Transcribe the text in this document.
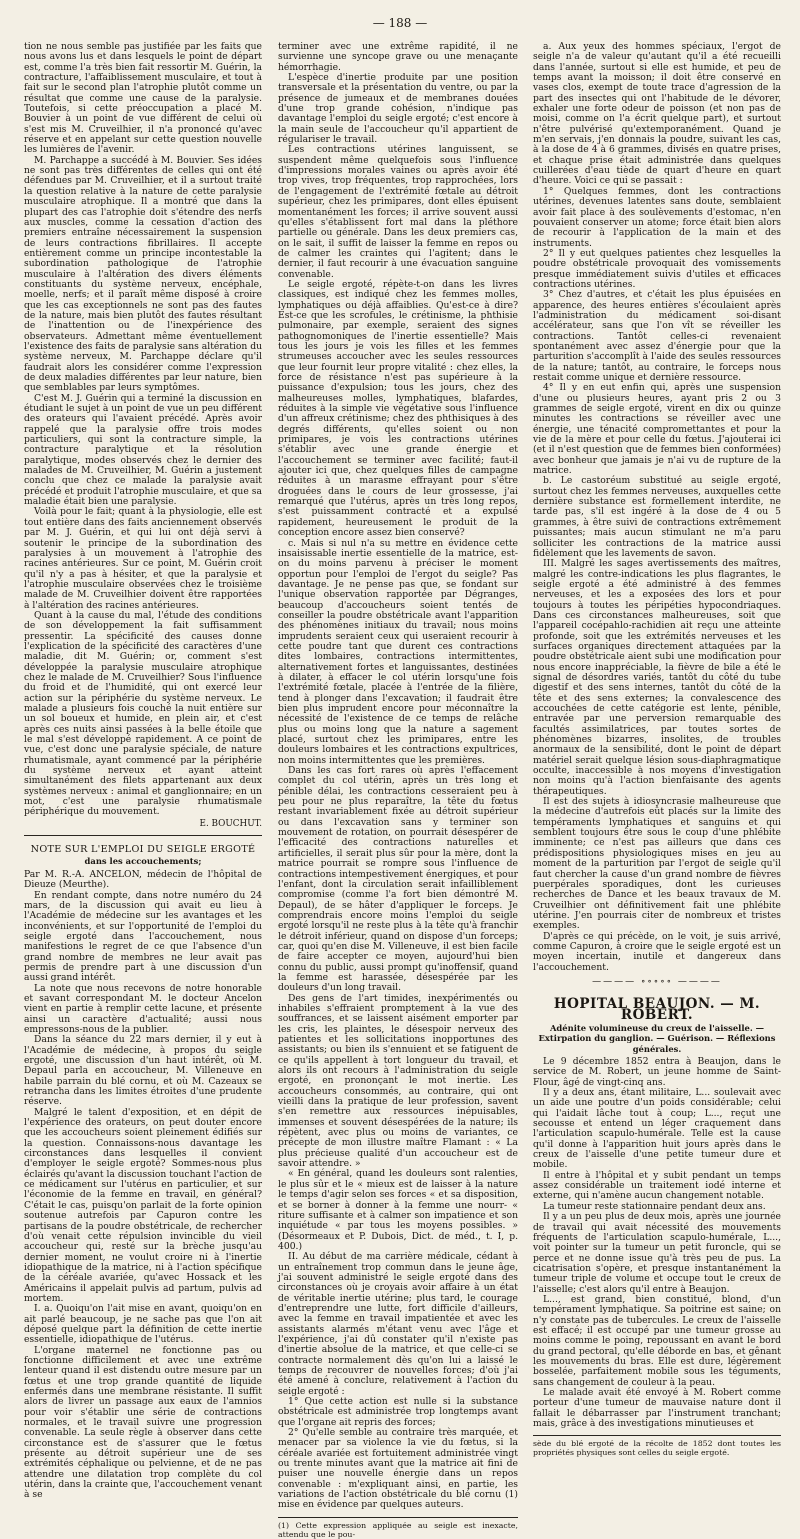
— 188 —

tion ne nous semble pas justifiée par les faits que nous avons lus et dans lesquels le point de départ est, comme l'a très bien fait ressortir M. Guérin, la contracture, l'affaiblissement musculaire, et tout à fait sur le second plan l'atrophie plutôt comme un résultat que comme une cause de la paralysie. Toutefois, si cette préoccupation a placé M. Bouvier à un point de vue différent de celui où s'est mis M. Cruveilhier, il n'a prononcé qu'avec réserve et en appelant sur cette question nouvelle les lumières de l'avenir.

M. Parchappe a succédé à M. Bouvier. Ses idées ne sont pas très différentes de celles qui ont été défendues par M. Cruveilhier, et il a surtout traité la question relative à la nature de cette paralysie musculaire atrophique. Il a montré que dans la plupart des cas l'atrophie doit s'étendre des nerfs aux muscles, comme la cessation d'action des premiers entraîne nécessairement la suspension de leurs contractions fibrillaires. Il accepte entièrement comme un principe incontestable la subordination pathologique de l'atrophie musculaire à l'altération des divers éléments constituants du système nerveux, encéphale, moelle, nerfs; et il paraît même disposé à croire que les cas exceptionnels ne sont pas des fautes de la nature, mais bien plutôt des fautes résultant de l'inattention ou de l'inexpérience des observateurs. Admettant même éventuellement l'existence des faits de paralysie sans altération du système nerveux, M. Parchappe déclare qu'il faudrait alors les considérer comme l'expression de deux maladies différentes par leur nature, bien que semblables par leurs symptômes.

C'est M. J. Guérin qui a terminé la discussion en étudiant le sujet à un point de vue un peu différent des orateurs qui l'avaient précédé. Après avoir rappelé que la paralysie offre trois modes particuliers, qui sont la contracture simple, la contracture paralytique et la résolution paralytique, modes observés chez le dernier des malades de M. Cruveilhier, M. Guérin a justement conclu que chez ce malade la paralysie avait précédé et produit l'atrophie musculaire, et que sa maladie était bien une paralysie.

Voilà pour le fait; quant à la physiologie, elle est tout entière dans des faits anciennement observés par M. J. Guérin, et qui lui ont déjà servi à soutenir le principe de la subordination des paralysies à un mouvement à l'atrophie des racines antérieures. Sur ce point, M. Guérin croit qu'il n'y a pas à hésiter, et que la paralysie et l'atrophie musculaire observées chez le troisième malade de M. Cruveilhier doivent être rapportées à l'altération des racines antérieures.

Quant à la cause du mal, l'étude des conditions de son développement la fait suffisamment pressentir. La spécificité des causes donne l'explication de la spécificité des caractères d'une maladie, dit M. Guérin; or, comment s'est développée la paralysie musculaire atrophique chez le malade de M. Cruveilhier? Sous l'influence du froid et de l'humidité, qui ont exercé leur action sur la périphérie du système nerveux. Le malade a plusieurs fois couché la nuit entière sur un sol boueux et humide, en plein air, et c'est après ces nuits ainsi passées à la belle étoile que le mal s'est développé rapidement. A ce point de vue, c'est donc une paralysie spéciale, de nature rhumatismale, ayant commencé par la périphérie du système nerveux et ayant atteint simultanément des filets appartenant aux deux systèmes nerveux : animal et ganglionnaire; en un mot, c'est une paralysie rhumatismale périphérique du mouvement.

E. BOUCHUT.
NOTE SUR L'EMPLOI DU SEIGLE ERGOTÉ
dans les accouchements;

Par M. R.-A. ANCELON, médecin de l'hôpital de Dieuze (Meurthe).

En rendant compte, dans notre numéro du 24 mars, de la discussion qui avait eu lieu à l'Académie de médecine sur les avantages et les inconvénients, et sur l'opportunité de l'emploi du seigle ergoté dans l'accouchement, nous manifestions le regret de ce que l'absence d'un grand nombre de membres ne leur avait pas permis de prendre part à une discussion d'un aussi grand intérêt.

La note que nous recevons de notre honorable et savant correspondant M. le docteur Ancelon vient en partie à remplir cette lacune, et présente ainsi un caractère d'actualité; aussi nous empressons-nous de la publier.

Dans la séance du 22 mars dernier, il y eut à l'Académie de médecine, à propos du seigle ergoté, une discussion d'un haut intérêt, où M. Depaul parla en accoucheur, M. Villeneuve en habile parrain du blé cornu, et où M. Cazeaux se retrancha dans les limites étroites d'une prudente réserve.

Malgré le talent d'exposition, et en dépit de l'expérience des orateurs, on peut douter encore que les accoucheurs soient pleinement édifiés sur la question. Connaissons-nous davantage les circonstances dans lesquelles il convient d'employer le seigle ergoté? Sommes-nous plus éclairés qu'avant la discussion touchant l'action de ce médicament sur l'utérus en particulier, et sur l'économie de la femme en travail, en général? C'était le cas, puisqu'on parlait de la forte opinion soutenue autrefois par Capuron contre les partisans de la poudre obstétricale, de rechercher d'où venait cette répulsion invincible du vieil accoucheur qui, resté sur la brèche jusqu'au dernier moment, ne voulut croire ni à l'inertie idiopathique de la matrice, ni à l'action spécifique de la céréale avariée, qu'avec Hossack et les Américains il appelait pulvis ad partum, pulvis ad mortem.

I. a. Quoiqu'on l'ait mise en avant, quoiqu'on en ait parlé beaucoup, je ne sache pas que l'on ait déposé quelque part la définition de cette inertie essentielle, idiopathique de l'utérus.

L'organe maternel ne fonctionne pas ou fonctionne difficilement et avec une extrême lenteur quand il est distendu outre mesure par un fœtus et une trop grande quantité de liquide enfermés dans une membrane résistante. Il suffit alors de livrer un passage aux eaux de l'amnios pour voir s'établir une série de contractions normales, et le travail suivre une progression convenable. La seule règle à observer dans cette circonstance est de s'assurer que le fœtus présente au détroit supérieur une de ses extrémités céphalique ou pelvienne, et de ne pas attendre une dilatation trop complète du col utérin, dans la crainte que, l'accouchement venant à se

terminer avec une extrême rapidité, il ne survienne une syncope grave ou une menaçante hémorrhagie.

L'espèce d'inertie produite par une position transversale et la présentation du ventre, ou par la présence de jumeaux et de membranes douées d'une trop grande cohésion, n'indique pas davantage l'emploi du seigle ergoté; c'est encore à la main seule de l'accoucheur qu'il appartient de régulariser le travail.

Les contractions utérines languissent, se suspendent même quelquefois sous l'influence d'impressions morales vaines ou après avoir été trop vives, trop fréquentes, trop rapprochées, lors de l'engagement de l'extrémité fœtale au détroit supérieur, chez les primipares, dont elles épuisent momentanément les forces; il arrive souvent aussi qu'elles s'établissent fort mal dans la pléthore partielle ou générale. Dans les deux premiers cas, on le sait, il suffit de laisser la femme en repos ou de calmer les craintes qui l'agitent; dans le dernier, il faut recourir à une évacuation sanguine convenable.

Le seigle ergoté, répète-t-on dans les livres classiques, est indiqué chez les femmes molles, lymphatiques ou déjà affaiblies. Qu'est-ce à dire? Est-ce que les scrofules, le crétinisme, la phthisie pulmonaire, par exemple, seraient des signes pathognomoniques de l'inertie essentielle? Mais tous les jours je vois les filles et les femmes strumeuses accoucher avec les seules ressources que leur fournit leur propre vitalité : chez elles, la force de résistance n'est pas supérieure à la puissance d'expulsion; tous les jours, chez des malheureuses molles, lymphatiques, blafardes, réduites à la simple vie végétative sous l'influence d'un affreux crétinisme; chez des phthisiques à des degrés différents, qu'elles soient ou non primipares, je vois les contractions utérines s'établir avec une grande énergie et l'accouchement se terminer avec facilité; faut-il ajouter ici que, chez quelques filles de campagne réduites à un marasme effrayant pour s'être droguées dans le cours de leur grossesse, j'ai remarqué que l'utérus, après un très long repos, s'est puissamment contracté et a expulsé rapidement, heureusement le produit de la conception encore assez bien conservé?

c. Mais si nul n'a su mettre en évidence cette insaisissable inertie essentielle de la matrice, est-on du moins parvenu à préciser le moment opportun pour l'emploi de l'ergot du seigle? Pas davantage. Je ne pense pas que, se fondant sur l'unique observation rapportée par Dégranges, beaucoup d'accoucheurs soient tentés de conseiller la poudre obstétricale avant l'apparition des phénomènes initiaux du travail; nous moins imprudents seraient ceux qui useraient recourir à cette poudre tant que durent ces contractions dites lombaires, contractions intermittentes, alternativement fortes et languissantes, destinées à dilater, à effacer le col utérin lorsqu'une fois l'extrémité fœtale, placée à l'entrée de la filière, tend à plonger dans l'excavation; il faudrait être bien plus imprudent encore pour méconnaître la nécessité de l'existence de ce temps de relâche plus ou moins long que la nature a sagement placé, surtout chez les primipares, entre les douleurs lombaires et les contractions expultrices, non moins intermittentes que les premières.

Dans les cas fort rares où après l'effacement complet du col utérin, après un très long et pénible délai, les contractions cesseraient peu à peu pour ne plus reparaître, la tête du fœtus restant invariablement fixée au détroit supérieur ou dans l'excavation sans y terminer son mouvement de rotation, on pourrait désespérer de l'efficacité des contractions naturelles et artificielles, il serait plus sûr pour la mère, dont la matrice pourrait se rompre sous l'influence de contractions intempestivement énergiques, et pour l'enfant, dont la circulation serait infailliblement compromise (comme l'a fort bien démontré M. Depaul), de se hâter d'appliquer le forceps. Je comprendrais encore moins l'emploi du seigle ergoté lorsqu'il ne reste plus à la tête qu'à franchir le détroit inférieur, quand on dispose d'un forceps; car, quoi qu'en dise M. Villeneuve, il est bien facile de faire accepter ce moyen, aujourd'hui bien connu du public, aussi prompt qu'inoffensif, quand la femme est harassée, désespérée par les douleurs d'un long travail.

Des gens de l'art timides, inexpérimentés ou inhabiles s'effraient promptement à la vue des souffrances, et se laissent aisément emporter par les cris, les plaintes, le désespoir nerveux des patientes et les sollicitations inopportunes des assistants; ou bien ils s'ennuient et se fatiguent de ce qu'ils appellent à tort longueur du travail, et alors ils ont recours à l'administration du seigle ergoté, en prononçant le mot inertie. Les accoucheurs consommés, au contraire, qui ont vieilli dans la pratique de leur profession, savent s'en remettre aux ressources inépuisables, immenses et souvent désespérées de la nature; ils répètent, avec plus ou moins de variantes, ce précepte de mon illustre maître Flamant : « La plus précieuse qualité d'un accoucheur est de savoir attendre. »

« En général, quand les douleurs sont ralenties, le plus sûr et le « mieux est de laisser à la nature le temps d'agir selon ses forces « et sa disposition, et se borner à donner à la femme une nourr- « riture suffisante et à calmer son impatience et son inquiétude « par tous les moyens possibles. » (Désormeaux et P. Dubois, Dict. de méd., t. I, p. 400.)

II. Au début de ma carrière médicale, cédant à un entraînement trop commun dans le jeune âge, j'ai souvent administré le seigle ergoté dans des circonstances où je croyais avoir affaire à un état de véritable inertie utérine; plus tard, le courage d'entreprendre une lutte, fort difficile d'ailleurs, avec la femme en travail impatientée et avec les assistants alarmés m'étant venu avec l'âge et l'expérience, j'ai dû constater qu'il n'existe pas d'inertie absolue de la matrice, et que celle-ci se contracte normalement dès qu'on lui a laissé le temps de recouvrer de nouvelles forces; d'où j'ai été amené à conclure, relativement à l'action du seigle ergoté :

1° Que cette action est nulle si la substance obstétricale est administrée trop longtemps avant que l'organe ait repris des forces;

2° Qu'elle semble au contraire très marquée, et menacer par sa violence la vie du fœtus, si la céréale avariée est fortuitement administrée vingt ou trente minutes avant que la matrice ait fini de puiser une nouvelle énergie dans un repos convenable : m'expliquant ainsi, en partie, les variations de l'action obstétricale du blé cornu (1) mise en évidence par quelques auteurs.

(1) Cette expression appliquée au seigle est inexacte, attendu que le pou-

a. Aux yeux des hommes spéciaux, l'ergot de seigle n'a de valeur qu'autant qu'il a été recueilli dans l'année, surtout si elle est humide, et peu de temps avant la moisson; il doit être conservé en vases clos, exempt de toute trace d'agression de la part des insectes qui ont l'habitude de le dévorer, exhaler une forte odeur de poisson (et non pas de moisi, comme on l'a écrit quelque part), et surtout n'être pulvérisé qu'extemporanément. Quand je m'en servais, j'en donnais la poudre, suivant les cas, à la dose de 4 à 6 grammes, divisés en quatre prises, et chaque prise était administrée dans quelques cuillerées d'eau tiède de quart d'heure en quart d'heure. Voici ce qui se passait :

1° Quelques femmes, dont les contractions utérines, devenues latentes sans doute, semblaient avoir fait place à des soulèvements d'estomac, n'en pouvaient conserver un atome; force était bien alors de recourir à l'application de la main et des instruments.

2° Il y eut quelques patientes chez lesquelles la poudre obstétricale provoquait des vomissements presque immédiatement suivis d'utiles et efficaces contractions utérines.

3° Chez d'autres, et c'était les plus épuisées en apparence, des heures entières s'écoulaient après l'administration du médicament soi-disant accélérateur, sans que l'on vît se réveiller les contractions. Tantôt celles-ci revenaient spontanément avec assez d'énergie pour que la parturition s'accomplît à l'aide des seules ressources de la nature; tantôt, au contraire, le forceps nous restait comme unique et dernière ressource.

4° Il y en eut enfin qui, après une suspension d'une ou plusieurs heures, ayant pris 2 ou 3 grammes de seigle ergoté, virent en dix ou quinze minutes les contractions se réveiller avec une énergie, une ténacité compromettantes et pour la vie de la mère et pour celle du fœtus. J'ajouterai ici (et il n'est question que de femmes bien conformées) avec bonheur que jamais je n'ai vu de rupture de la matrice.

b. Le castoréum substitué au seigle ergoté, surtout chez les femmes nerveuses, auxquelles cette dernière substance est formellement interdite, ne tarde pas, s'il est ingéré à la dose de 4 ou 5 grammes, à être suivi de contractions extrêmement puissantes; mais aucun stimulant ne m'a paru solliciter les contractions de la matrice aussi fidèlement que les lavements de savon.

III. Malgré les sages avertissements des maîtres, malgré les contre-indications les plus flagrantes, le seigle ergoté a été administré à des femmes nerveuses, et les a exposées des lors et pour toujours à toutes les péripéties hypocondriaques. Dans ces circonstances malheureuses, soit que l'appareil cocépahlo-rachidien ait reçu une atteinte profonde, soit que les extrémités nerveuses et les surfaces organiques directement attaquées par la poudre obstétricale aient subi une modification pour nous encore inappréciable, la fièvre de bile a été le signal de désordres variés, tantôt du côté du tube digestif et des sens internes, tantôt du côté de la tête et des sens externes; la convalescence des accouchées de cette catégorie est lente, pénible, entravée par une perversion remarquable des facultés assimilatrices, par toutes sortes de phénomènes bizarres, insolites, de troubles anormaux de la sensibilité, dont le point de départ matériel serait quelque lésion sous-diaphragmatique occulte, inaccessible à nos moyens d'investigation non moins qu'à l'action bienfaisante des agents thérapeutiques.

Il est des sujets à idiosyncrasie malheureuse que la médecine d'autrefois eût placés sur la limite des tempéraments lymphatiques et sanguins et qui semblent toujours être sous le coup d'une phlébite imminente; ce n'est pas ailleurs que dans ces prédispositions physiologiques mises en jeu au moment de la parturition par l'ergot de seigle qu'il faut chercher la cause d'un grand nombre de fièvres puerpérales sporadiques, dont les curieuses recherches de Dance et les beaux travaux de M. Cruveilhier ont définitivement fait une phlébite utérine. J'en pourrais citer de nombreux et tristes exemples.

D'après ce qui précède, on le voit, je suis arrivé, comme Capuron, à croire que le seigle ergoté est un moyen incertain, inutile et dangereux dans l'accouchement.

———— ∘∘∘∘∘ ————
HOPITAL BEAUJON. — M. ROBERT.
Adénite volumineuse du creux de l'aisselle. — Extirpation du ganglion. — Guérison. — Réflexions générales.

Le 9 décembre 1852 entra à Beaujon, dans le service de M. Robert, un jeune homme de Saint-Flour, âgé de vingt-cinq ans.

Il y a deux ans, étant militaire, L... soulevait avec un aide une poutre d'un poids considérable; celui qui l'aidait lâche tout à coup; L..., reçut une secousse et entend un léger craquement dans l'articulation scapulo-humérale. Telle est la cause qu'il donne à l'apparition huit jours après dans le creux de l'aisselle d'une petite tumeur dure et mobile.

Il entre à l'hôpital et y subit pendant un temps assez considérable un traitement iodé interne et externe, qui n'amène aucun changement notable.

La tumeur reste stationnaire pendant deux ans.

Il y a un peu plus de deux mois, après une journée de travail qui avait nécessité des mouvements fréquents de l'articulation scapulo-humérale, L..., voit pointer sur la tumeur un petit furoncle, qui se perce et ne donne issue qu'à très peu de pus. La cicatrisation s'opère, et presque instantanément la tumeur triple de volume et occupe tout le creux de l'aisselle; c'est alors qu'il entre à Beaujon.

L..., est grand, bien constitué, blond, d'un tempérament lymphatique. Sa poitrine est saine; on n'y constate pas de tubercules. Le creux de l'aisselle est effacé; il est occupé par une tumeur grosse au moins comme le poing, repoussant en avant le bord du grand pectoral, qu'elle déborde en bas, et gênant les mouvements du bras. Elle est dure, légèrement bosselée, parfaitement mobile sous les téguments, sans changement de couleur à la peau.

Le malade avait été envoyé à M. Robert comme porteur d'une tumeur de mauvaise nature dont il fallait le débarrasser par l'instrument tranchant; mais, grâce à des investigations minutieuses et

sède du blé ergoté de la récolte de 1852 dont toutes les propriétés physiques sont celles du seigle ergoté.
